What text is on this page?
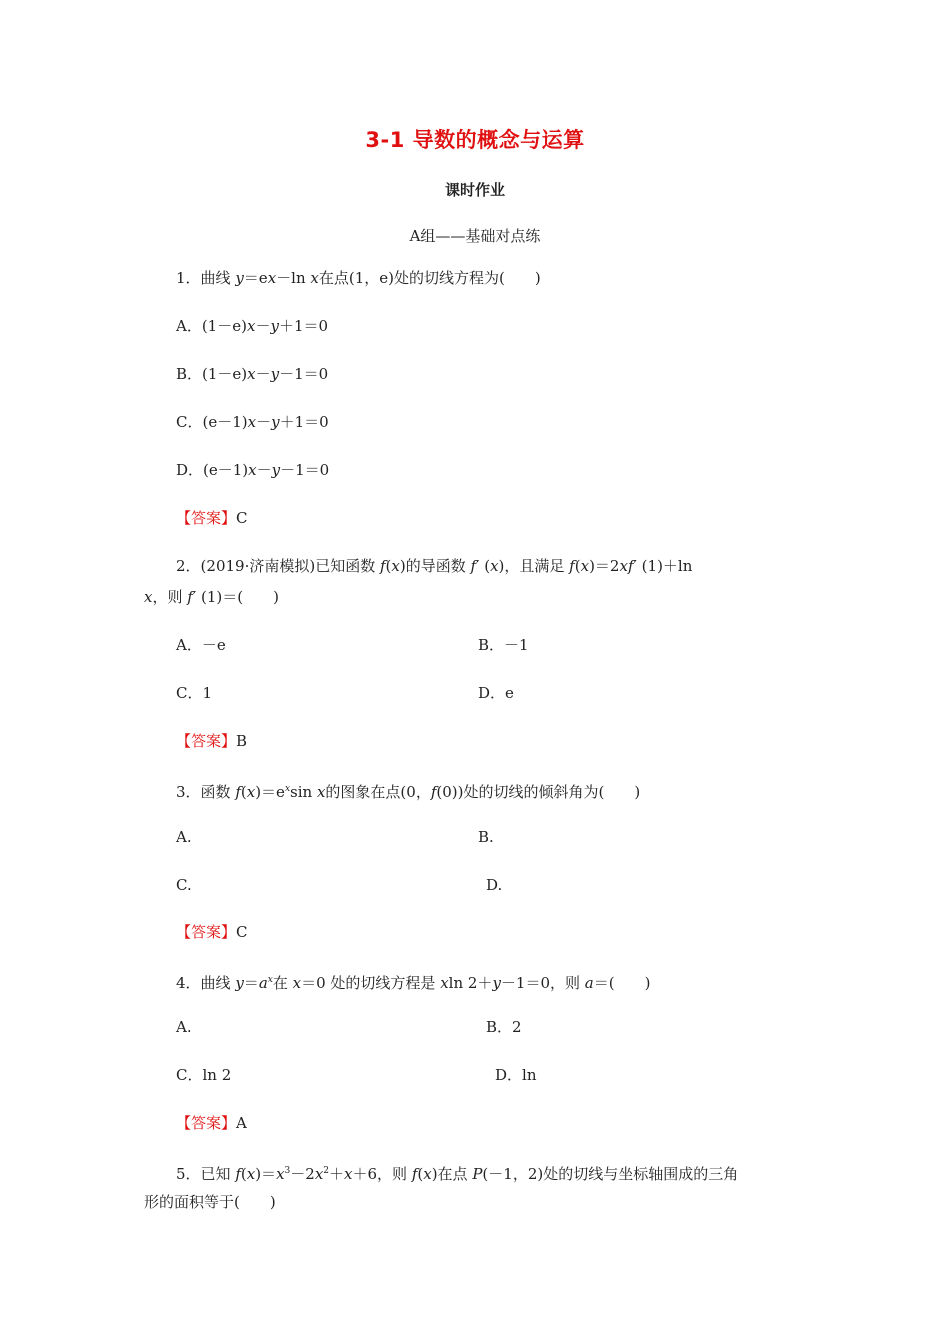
3-1 导数的概念与运算
课时作业
A组——基础对点练
1．曲线 y＝ex－ln x在点(1，e)处的切线方程为(　　)
A．(1－e)x－y＋1＝0
B．(1－e)x－y－1＝0
C．(e－1)x－y＋1＝0
D．(e－1)x－y－1＝0
【答案】C
2．(2019·济南模拟)已知函数 f(x)的导函数 f′ (x)，且满足 f(x)＝2xf′ (1)＋ln
x，则 f′ (1)＝(　　)
A．－e	B．－1
C．1	D．e
【答案】B
3．函数 $f(x)=e^x\sin$ x的图象在点(0，f(0))处的切线的倾斜角为(　　)
A.	B.
C.	D.
【答案】C
4．曲线 $y=a^x$在 x＝0 处的切线方程是 xln 2＋y－1＝0，则 a＝(　　)
A.	B．2
C．ln 2	D．ln
【答案】A
5．已知 $f(x)=x^3-2x^2+x+6$，则 f(x)在点 P(－1，2)处的切线与坐标轴围成的三角
形的面积等于(　　)
